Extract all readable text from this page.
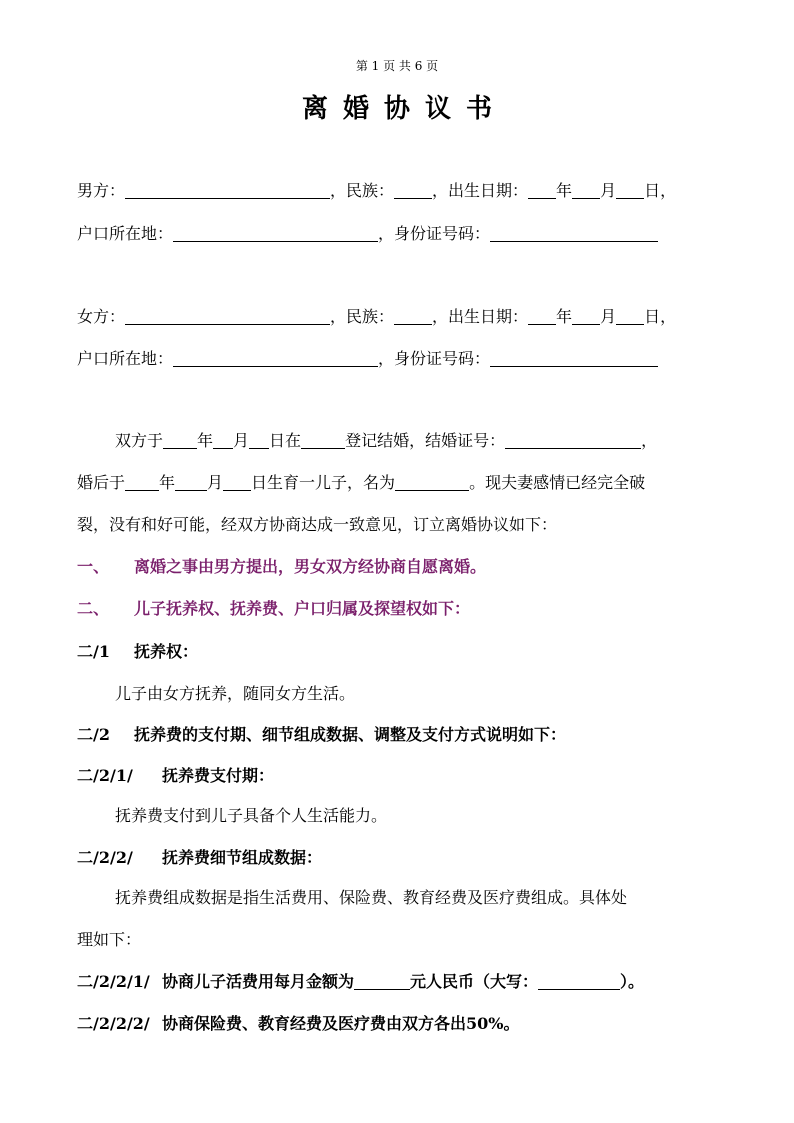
第 1 页 共 6 页
离婚协议书
男方：	，民族： ，出生日期： 年 月 日，
户口所在地：	，身份证号码：
女方：	，民族： ，出生日期： 年 月 日，
户口所在地：	，身份证号码：
双方于 年 月 日在	登记结婚，结婚证号：	，
婚后于 年 月 日生育一儿子，名为	。现夫妻感情已经完全破
裂，没有和好可能，经双方协商达成一致意见，订立离婚协议如下：
一、 离婚之事由男方提出，男女双方经协商自愿离婚。
二、 儿子抚养权、抚养费、户口归属及探望权如下：
二/1 抚养权：
儿子由女方抚养，随同女方生活。
二/2 抚养费的支付期、细节组成数据、调整及支付方式说明如下：
二/2/1/ 抚养费支付期：
抚养费支付到儿子具备个人生活能力。
二/2/2/ 抚养费细节组成数据：
抚养费组成数据是指生活费用、保险费、教育经费及医疗费组成。具体处
理如下：
二/2/2/1/ 协商儿子活费用每月金额为	元人民币（大写：	）。
二/2/2/2/ 协商保险费、教育经费及医疗费由双方各出50%。
